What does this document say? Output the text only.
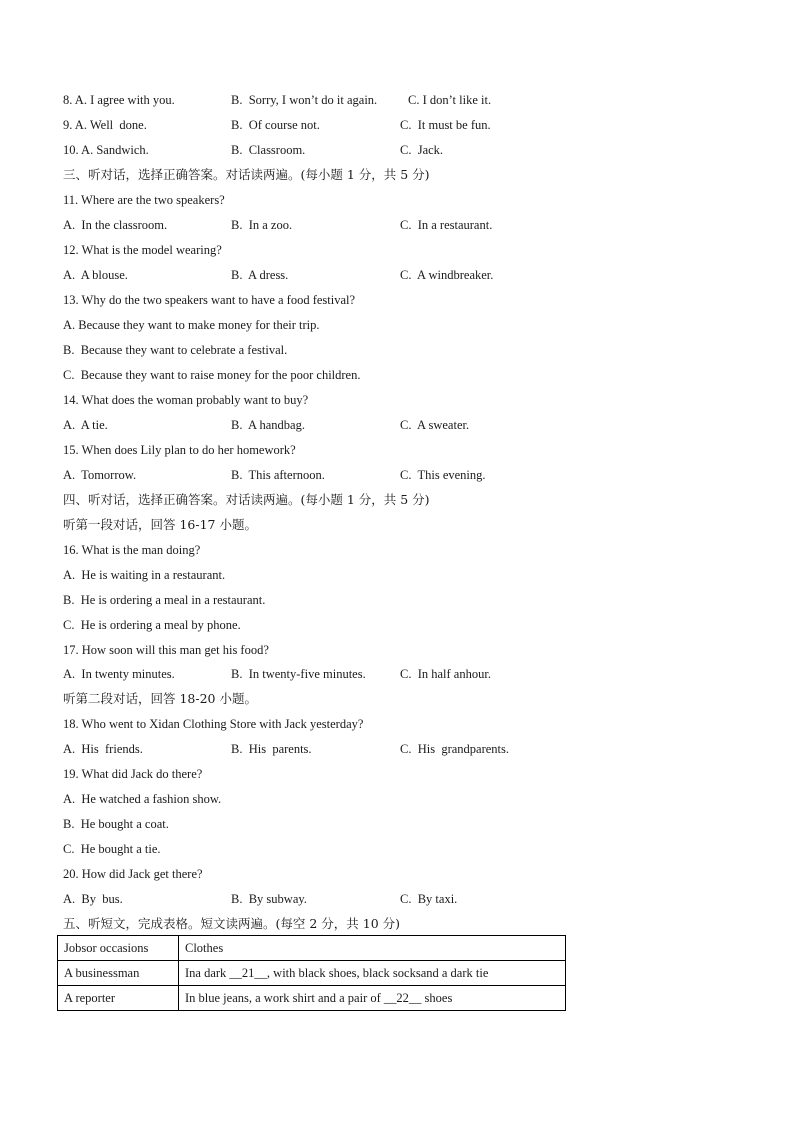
8. A. I agree with you.	B.  Sorry, I won’t do it again. C. I don’t like it.
9. A. Well  done.	B.  Of course not.	C.  It must be fun.
10. A. Sandwich.	B.  Classroom.	C.  Jack.
三、听对话，选择正确答案。对话读两遍。(每小题 1 分，共 5 分)
11. Where are the two speakers?
A.  In the classroom.	B.  In a zoo.	C.  In a restaurant.
12. What is the model wearing?
A.  A blouse.	B.  A dress.	C.  A windbreaker.
13. Why do the two speakers want to have a food festival?
A. Because they want to make money for their trip.
B.  Because they want to celebrate a festival.
C.  Because they want to raise money for the poor children.
14. What does the woman probably want to buy?
A.  A tie.	B.  A handbag.	C.  A sweater.
15. When does Lily plan to do her homework?
A.  Tomorrow.	B.  This afternoon.	C.  This evening.
四、听对话，选择正确答案。对话读两遍。(每小题 1 分，共 5 分)
听第一段对话，回答 16-17 小题。
16. What is the man doing?
A.  He is waiting in a restaurant.
B.  He is ordering a meal in a restaurant.
C.  He is ordering a meal by phone.
17. How soon will this man get his food?
A.  In twenty minutes.	B.  In twenty-five minutes.	C.  In half anhour.
听第二段对话，回答 18-20 小题。
18. Who went to Xidan Clothing Store with Jack yesterday?
A.  His  friends.	B.  His  parents.	C.  His  grandparents.
19. What did Jack do there?
A.  He watched a fashion show.
B.  He bought a coat.
C.  He bought a tie.
20. How did Jack get there?
A.  By  bus.	B.  By subway.	C.  By taxi.
五、听短文，完成表格。短文读两遍。(每空 2 分，共 10 分)
Jobsor occasions	Clothes
A businessman	Ina dark __21__, with black shoes, black socksand a dark tie
A reporter	In blue jeans, a work shirt and a pair of __22__ shoes
